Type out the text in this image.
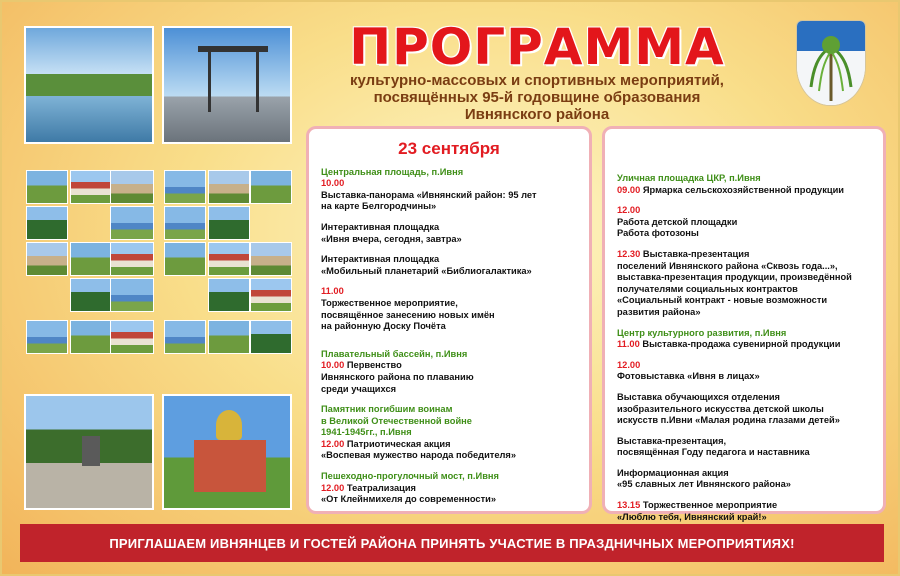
ПРОГРАММА
культурно-массовых и спортивных мероприятий,
посвящённых 95-й годовщине образования
Ивнянского района
23 сентября
Центральная площадь, п.Ивня
10.00
Выставка-панорама «Ивнянский район: 95 лет
на карте Белгородчины»
Интерактивная площадка
«Ивня вчера, сегодня, завтра»
Интерактивная площадка
«Мобильный планетарий «Библиогалактика»
11.00
Торжественное мероприятие,
посвящённое занесению новых имён
на районную Доску Почёта
Плавательный бассейн, п.Ивня
10.00 Первенство
Ивнянского района по плаванию
среди учащихся
Памятник погибшим воинам
в Великой Отечественной войне
1941-1945гг., п.Ивня
12.00 Патриотическая акция
«Воспевая мужество народа победителя»
Пешеходно-прогулочный мост, п.Ивня
12.00 Театрализация
«От Клейнмихеля до современности»
Уличная площадка ЦКР, п.Ивня
09.00 Ярмарка сельскохозяйственной продукции
12.00
Работа детской площадки
Работа фотозоны
12.30 Выставка-презентация
поселений Ивнянского района «Сквозь года...»,
выставка-презентация продукции, произведённой
получателями социальных контрактов
«Социальный контракт - новые возможности
развития района»
Центр культурного развития, п.Ивня
11.00 Выставка-продажа сувенирной продукции
12.00
Фотовыставка «Ивня в лицах»
Выставка обучающихся отделения
изобразительного искусства детской школы
искусств п.Ивни «Малая родина глазами детей»
Выставка-презентация,
посвящённая Году педагога и наставника
Информационная акция
«95 славных лет Ивнянского района»
13.15 Торжественное мероприятие
«Люблю тебя, Ивнянский край!»
ПРИГЛАШАЕМ ИВНЯНЦЕВ И ГОСТЕЙ РАЙОНА ПРИНЯТЬ УЧАСТИЕ В ПРАЗДНИЧНЫХ МЕРОПРИЯТИЯХ!
